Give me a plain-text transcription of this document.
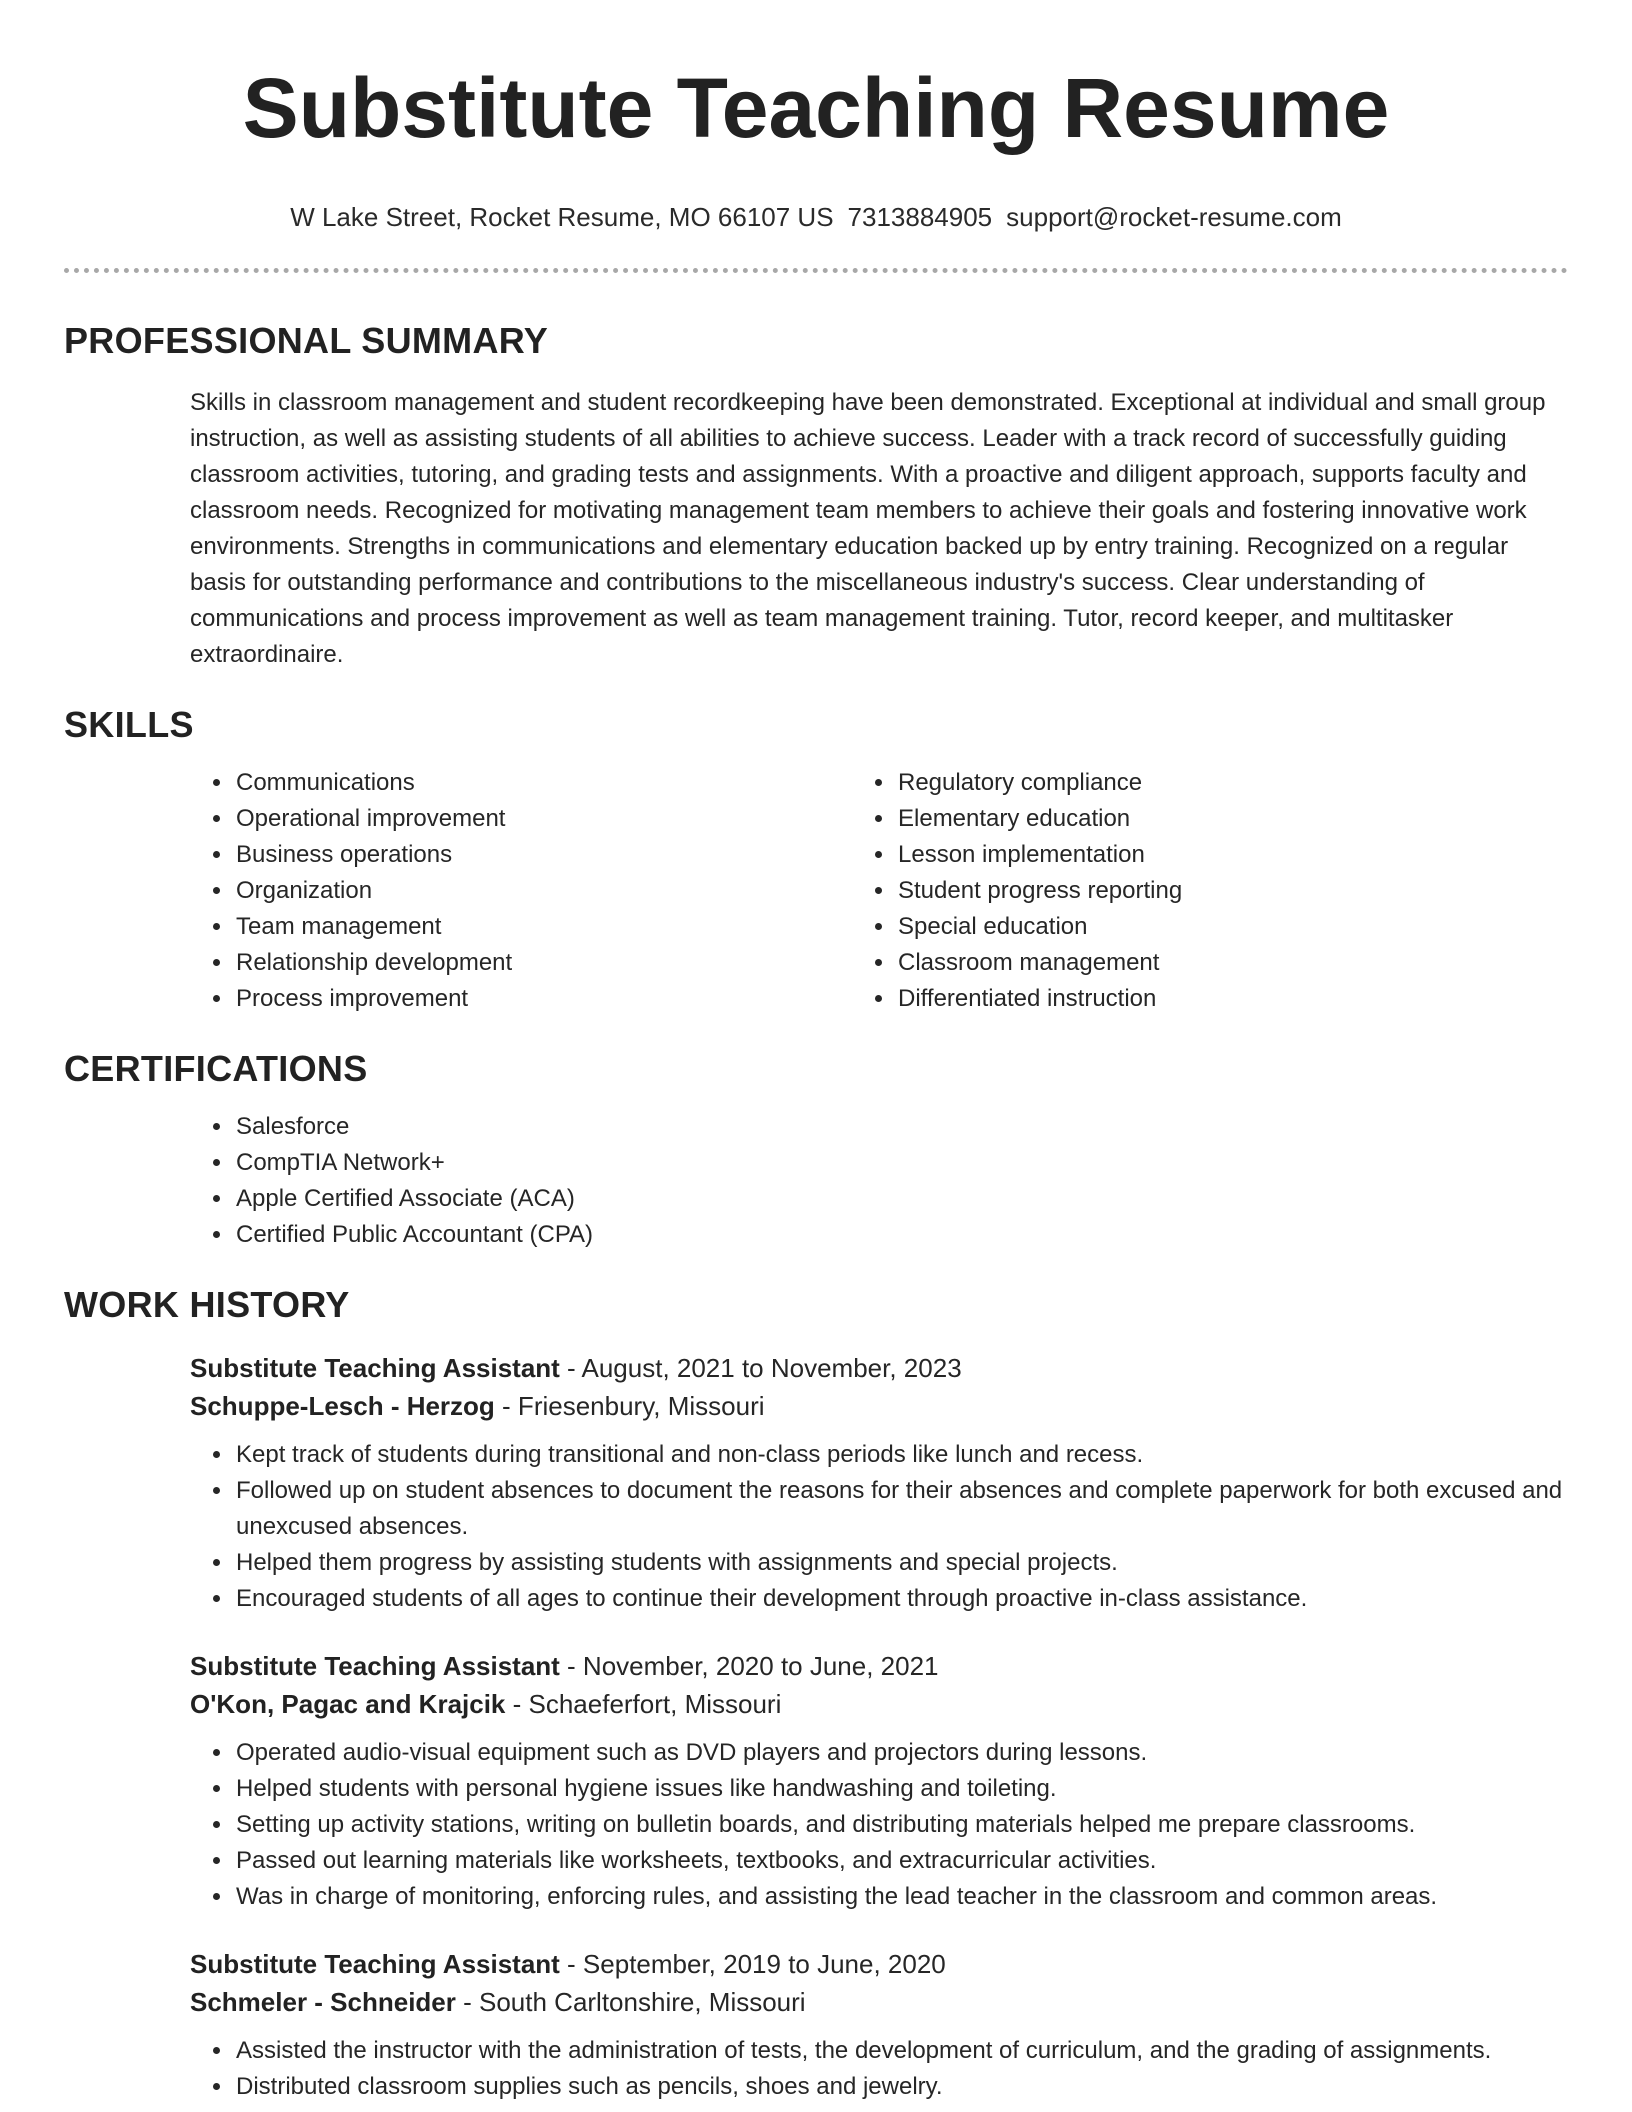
Substitute Teaching Resume
W Lake Street, Rocket Resume, MO 66107 US 7313884905 support@rocket-resume.com
PROFESSIONAL SUMMARY

Skills in classroom management and student recordkeeping have been demonstrated. Exceptional at individual and small group instruction, as well as assisting students of all abilities to achieve success. Leader with a track record of successfully guiding classroom activities, tutoring, and grading tests and assignments. With a proactive and diligent approach, supports faculty and classroom needs. Recognized for motivating management team members to achieve their goals and fostering innovative work environments. Strengths in communications and elementary education backed up by entry training. Recognized on a regular basis for outstanding performance and contributions to the miscellaneous industry's success. Clear understanding of communications and process improvement as well as team management training. Tutor, record keeper, and multitasker extraordinaire.

SKILLS
• Communications
• Operational improvement
• Business operations
• Organization
• Team management
• Relationship development
• Process improvement
• Regulatory compliance
• Elementary education
• Lesson implementation
• Student progress reporting
• Special education
• Classroom management
• Differentiated instruction
CERTIFICATIONS
• Salesforce
• CompTIA Network+
• Apple Certified Associate (ACA)
• Certified Public Accountant (CPA)
WORK HISTORY
Substitute Teaching Assistant - August, 2021 to November, 2023
Schuppe-Lesch - Herzog - Friesenbury, Missouri
• Kept track of students during transitional and non-class periods like lunch and recess.
• Followed up on student absences to document the reasons for their absences and complete paperwork for both excused and unexcused absences.
• Helped them progress by assisting students with assignments and special projects.
• Encouraged students of all ages to continue their development through proactive in-class assistance.
Substitute Teaching Assistant - November, 2020 to June, 2021
O'Kon, Pagac and Krajcik - Schaeferfort, Missouri
• Operated audio-visual equipment such as DVD players and projectors during lessons.
• Helped students with personal hygiene issues like handwashing and toileting.
• Setting up activity stations, writing on bulletin boards, and distributing materials helped me prepare classrooms.
• Passed out learning materials like worksheets, textbooks, and extracurricular activities.
• Was in charge of monitoring, enforcing rules, and assisting the lead teacher in the classroom and common areas.
Substitute Teaching Assistant - September, 2019 to June, 2020
Schmeler - Schneider - South Carltonshire, Missouri
• Assisted the instructor with the administration of tests, the development of curriculum, and the grading of assignments.
• Distributed classroom supplies such as pencils, shoes and jewelry.
